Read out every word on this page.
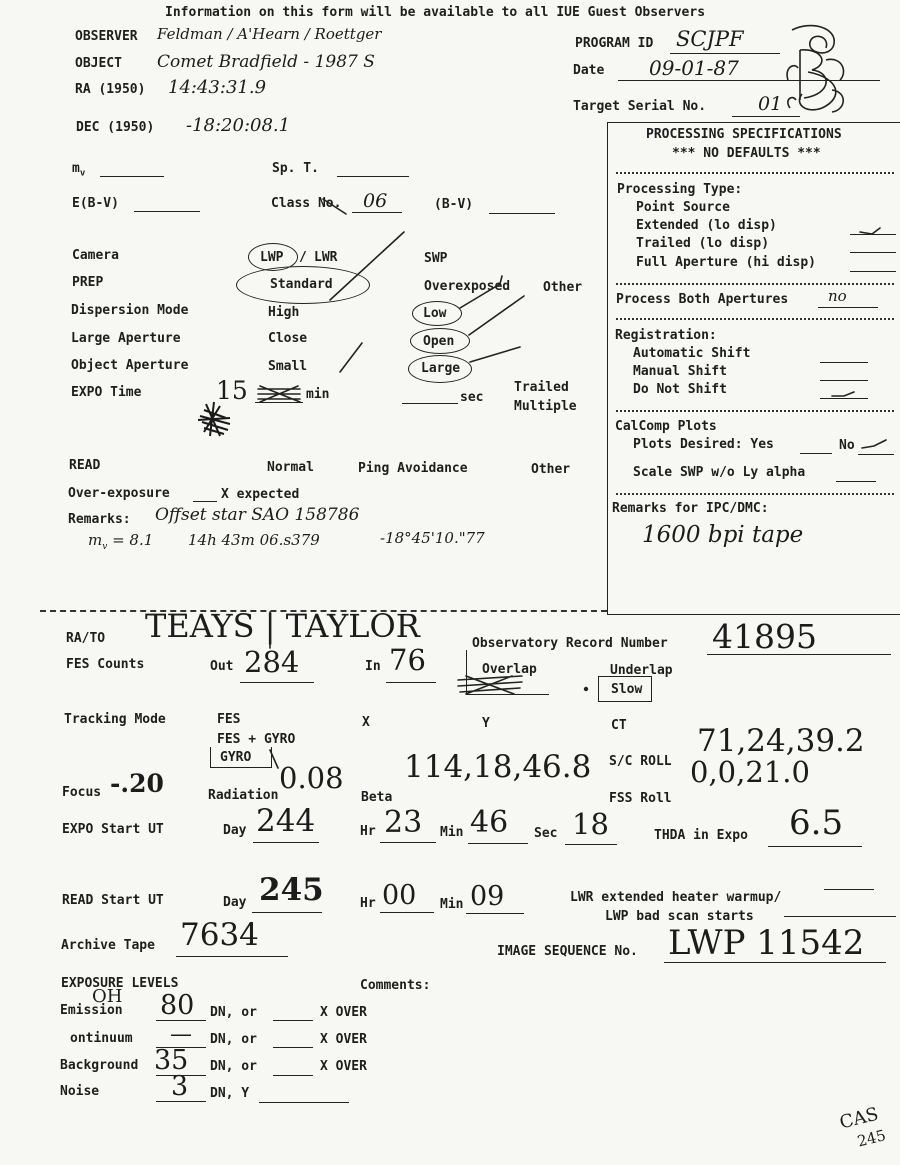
Information on this form will be available to all IUE Guest Observers
OBSERVER Feldman / A'Hearn / Roettger
OBJECT Comet Bradfield - 1987 S
RA (1950) 14:43:31.9
DEC (1950) -18:20:08.1
PROGRAM ID SCJPF
Date 09-01-87
Target Serial No.	01
$m_v$	Sp. T.
E(B-V)	Class No. 06	(B-V)
Camera	LWP / LWR	SWP
PREP	Standard	Overexposed	Other
Dispersion Mode	High	Low
Large Aperture	Close	Open
Object Aperture	Small	Large
EXPO Time	15	min	sec
Trailed
Multiple
READ	Normal	Ping Avoidance	Other
Over-exposure	X expected
Remarks: Offset star SAO 158786
$m_v = 8.1$ 14h 43m 06.s379	-18°45'10."77
PROCESSING SPECIFICATIONS
*** NO DEFAULTS ***
Processing Type:
Point Source
Extended (lo disp)
Trailed (lo disp)
Full Aperture (hi disp)
Process Both Apertures	no
Registration:
Automatic Shift
Manual Shift
Do Not Shift
CalComp Plots
Plots Desired: Yes	No
Scale SWP w/o Ly alpha
Remarks for IPC/DMC:
1600 bpi tape
RA/TO TEAYS | TAYLOR	Observatory Record Number 41895
FES Counts	Out 284	In 76	Overlap	Underlap
Slow
Tracking Mode	FES
FES + GYRO
GYRO
X	Y	CT
S/C ROLL
71,24,39.2
FSS Roll
0,0,21.0
Focus -.20	Radiation
0.08
Beta
114,18,46.8
EXPO Start UT	Day 244	Hr 23 Min 46 Sec 18	THDA in Expo 6.5
READ Start UT	Day 245	Hr 00 Min 09	LWR extended heater warmup/
LWP bad scan starts
Archive Tape 7634	IMAGE SEQUENCE No. LWP 11542
EXPOSURE LEVELS	Comments:
OH
Emission 80 DN, or	X OVER
ontinuum — DN, or	X OVER
Background 35 DN, or	X OVER
Noise	3 DN, Y
CAS
245
